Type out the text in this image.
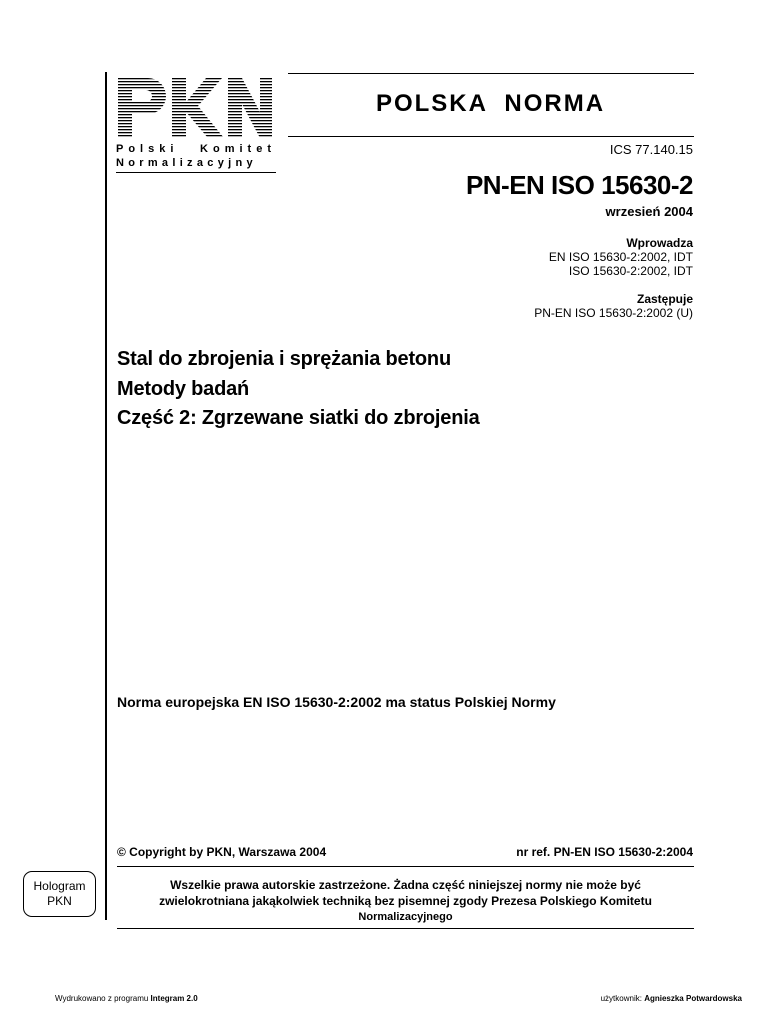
Polski Komitet
Normalizacyjny
POLSKA  NORMA
ICS 77.140.15
PN-EN ISO 15630-2
wrzesień 2004
Wprowadza
EN ISO 15630-2:2002, IDT
ISO 15630-2:2002, IDT
Zastępuje
PN-EN ISO 15630-2:2002 (U)
Stal do zbrojenia i sprężania betonu
Metody badań
Część 2: Zgrzewane siatki do zbrojenia
Norma europejska EN ISO 15630-2:2002 ma status Polskiej Normy
© Copyright by PKN, Warszawa 2004	nr ref. PN-EN ISO 15630-2:2004
Wszelkie prawa autorskie zastrzeżone. Żadna część niniejszej normy nie może być
zwielokrotniana jakąkolwiek techniką bez pisemnej zgody Prezesa Polskiego Komitetu
Normalizacyjnego
Hologram
PKN
Wydrukowano z programu Integram 2.0	użytkownik: Agnieszka Potwardowska
